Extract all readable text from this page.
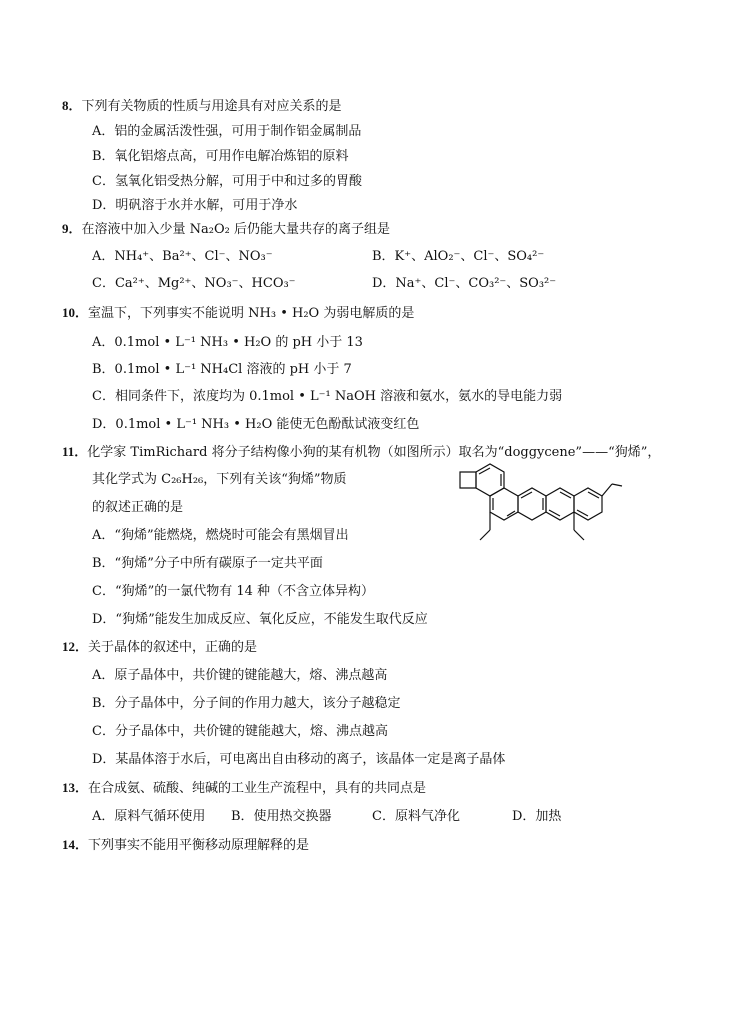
8．下列有关物质的性质与用途具有对应关系的是
A．铝的金属活泼性强，可用于制作铝金属制品
B．氧化铝熔点高，可用作电解冶炼铝的原料
C．氢氧化铝受热分解，可用于中和过多的胃酸
D．明矾溶于水并水解，可用于净水
9．在溶液中加入少量 Na₂O₂ 后仍能大量共存的离子组是
A．NH₄⁺、Ba²⁺、Cl⁻、NO₃⁻	B．K⁺、AlO₂⁻、Cl⁻、SO₄²⁻
C．Ca²⁺、Mg²⁺、NO₃⁻、HCO₃⁻	D．Na⁺、Cl⁻、CO₃²⁻、SO₃²⁻
10．室温下，下列事实不能说明 NH₃ • H₂O 为弱电解质的是
A．0.1mol • L⁻¹ NH₃ • H₂O 的 pH 小于 13
B．0.1mol • L⁻¹ NH₄Cl 溶液的 pH 小于 7
C．相同条件下，浓度均为 0.1mol • L⁻¹ NaOH 溶液和氨水，氨水的导电能力弱
D．0.1mol • L⁻¹ NH₃ • H₂O 能使无色酚酞试液变红色
11．化学家 TimRichard 将分子结构像小狗的某有机物（如图所示）取名为“doggycene”——“狗烯”，
其化学式为 C₂₆H₂₆，下列有关该“狗烯”物质
的叙述正确的是
A．“狗烯”能燃烧，燃烧时可能会有黑烟冒出
B．“狗烯”分子中所有碳原子一定共平面
C．“狗烯”的一氯代物有 14 种（不含立体异构）
D．“狗烯”能发生加成反应、氧化反应，不能发生取代反应
12．关于晶体的叙述中，正确的是
A．原子晶体中，共价键的键能越大，熔、沸点越高
B．分子晶体中，分子间的作用力越大，该分子越稳定
C．分子晶体中，共价键的键能越大，熔、沸点越高
D．某晶体溶于水后，可电离出自由移动的离子，该晶体一定是离子晶体
13．在合成氨、硫酸、纯碱的工业生产流程中，具有的共同点是
A．原料气循环使用 B．使用热交换器	C．原料气净化	D．加热
14．下列事实不能用平衡移动原理解释的是
